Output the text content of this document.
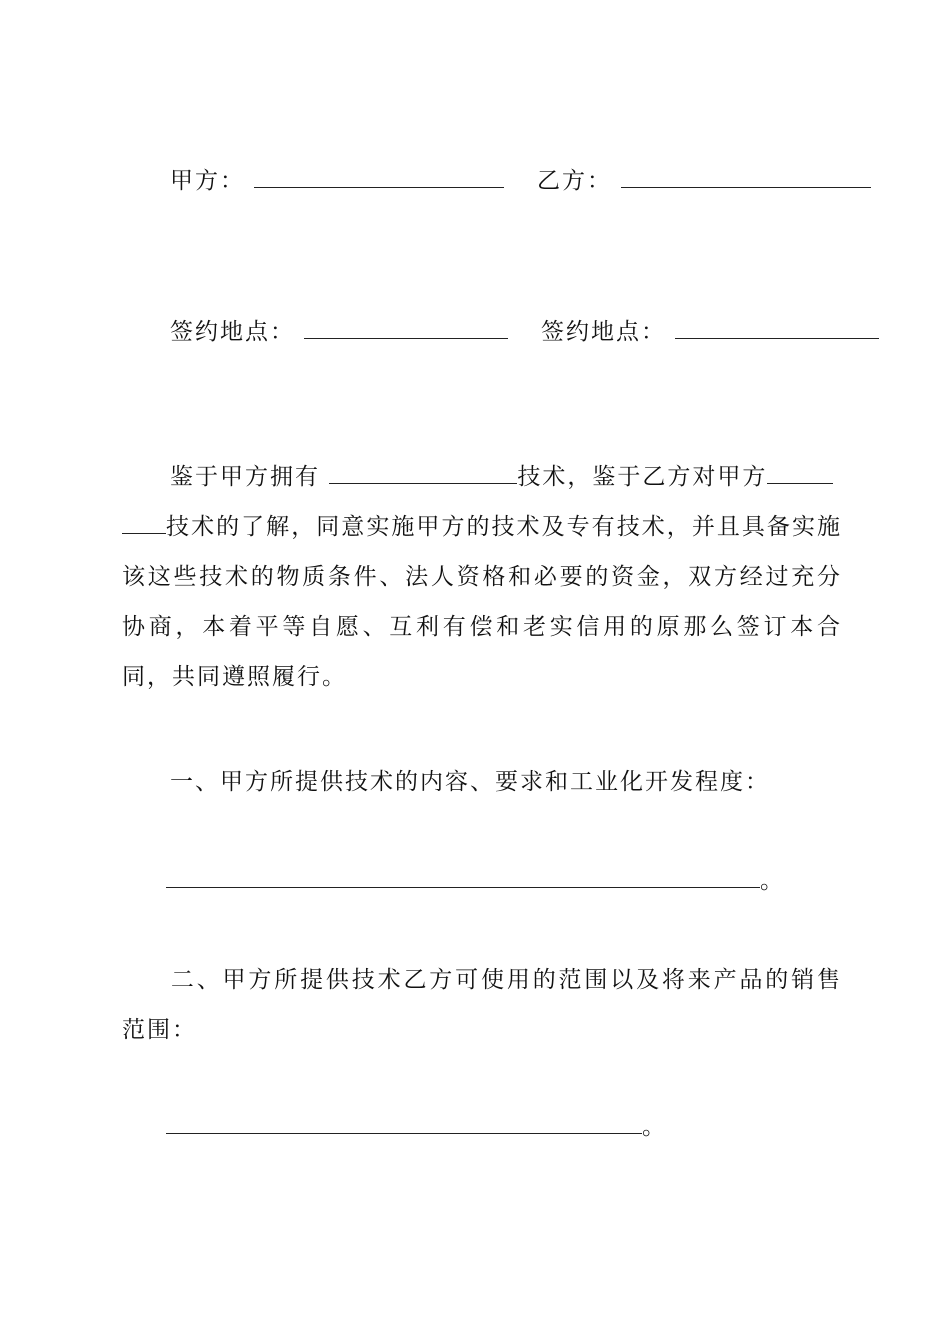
甲方：	乙方：
签约地点：	签约地点：
鉴于甲方拥有	技术，鉴于乙方对甲方
技术的了解，同意实施甲方的技术及专有技术，并且具备实施该这些技术的物质条件、法人资格和必要的资金，双方经过充分协商，本着平等自愿、互利有偿和老实信用的原那么签订本合同，共同遵照履行。
一、甲方所提供技术的内容、要求和工业化开发程度：
。
二、甲方所提供技术乙方可使用的范围以及将来产品的销售范围：
。
